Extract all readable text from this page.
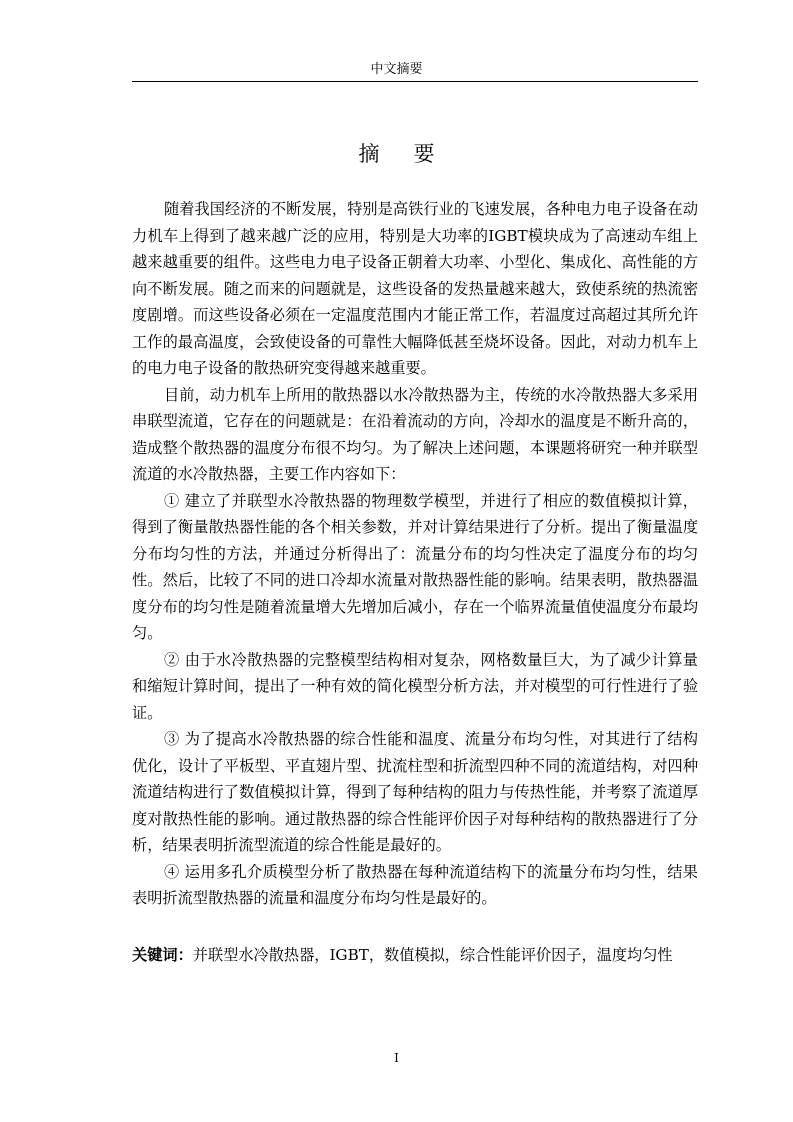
中文摘要
摘要

随着我国经济的不断发展，特别是高铁行业的飞速发展，各种电力电子设备在动力机车上得到了越来越广泛的应用，特别是大功率的IGBT模块成为了高速动车组上越来越重要的组件。这些电力电子设备正朝着大功率、小型化、集成化、高性能的方向不断发展。随之而来的问题就是，这些设备的发热量越来越大，致使系统的热流密度剧增。而这些设备必须在一定温度范围内才能正常工作，若温度过高超过其所允许工作的最高温度，会致使设备的可靠性大幅降低甚至烧坏设备。因此，对动力机车上的电力电子设备的散热研究变得越来越重要。

目前，动力机车上所用的散热器以水冷散热器为主，传统的水冷散热器大多采用串联型流道，它存在的问题就是：在沿着流动的方向，冷却水的温度是不断升高的，造成整个散热器的温度分布很不均匀。为了解决上述问题，本课题将研究一种并联型流道的水冷散热器，主要工作内容如下：

① 建立了并联型水冷散热器的物理数学模型，并进行了相应的数值模拟计算，得到了衡量散热器性能的各个相关参数，并对计算结果进行了分析。提出了衡量温度分布均匀性的方法，并通过分析得出了：流量分布的均匀性决定了温度分布的均匀性。然后，比较了不同的进口冷却水流量对散热器性能的影响。结果表明，散热器温度分布的均匀性是随着流量增大先增加后减小，存在一个临界流量值使温度分布最均匀。

② 由于水冷散热器的完整模型结构相对复杂，网格数量巨大，为了减少计算量和缩短计算时间，提出了一种有效的简化模型分析方法，并对模型的可行性进行了验证。

③ 为了提高水冷散热器的综合性能和温度、流量分布均匀性，对其进行了结构优化，设计了平板型、平直翅片型、扰流柱型和折流型四种不同的流道结构，对四种流道结构进行了数值模拟计算，得到了每种结构的阻力与传热性能，并考察了流道厚度对散热性能的影响。通过散热器的综合性能评价因子对每种结构的散热器进行了分析，结果表明折流型流道的综合性能是最好的。

④ 运用多孔介质模型分析了散热器在每种流道结构下的流量分布均匀性，结果表明折流型散热器的流量和温度分布均匀性是最好的。

关键词：并联型水冷散热器，IGBT，数值模拟，综合性能评价因子，温度均匀性
I
